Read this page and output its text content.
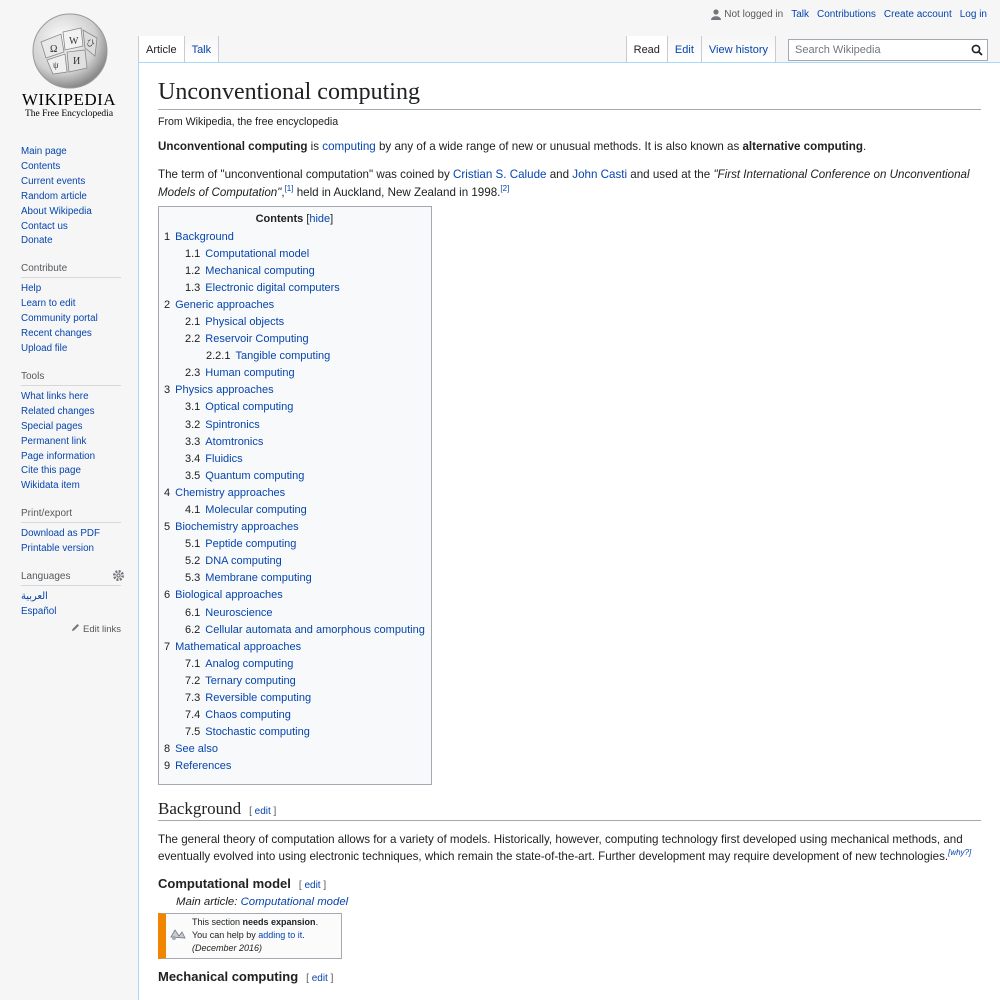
Ω
W ひ
И
ψ
WIKIPEDIA
The Free Encyclopedia
Not logged in Talk Contributions Create account Log in
Article	Talk	Read	Edit	View history	Search Wikipedia
Main page
Contents
Current events
Random article
About Wikipedia
Contact us
Donate
Contribute
Help
Learn to edit
Community portal
Recent changes
Upload file
Tools
What links here
Related changes
Special pages
Permanent link
Page information
Cite this page
Wikidata item
Print/export
Download as PDF
Printable version
Languages
العربية
Español
Edit links
Unconventional computing
From Wikipedia, the free encyclopedia

Unconventional computing is computing by any of a wide range of new or unusual methods. It is also known as alternative computing.

The term of "unconventional computation" was coined by Cristian S. Calude and John Casti and used at the "First International Conference on Unconventional Models of Computation",[1] held in Auckland, New Zealand in 1998.[2]

Contents [hide]
1 Background
1.1 Computational model
1.2 Mechanical computing
1.3 Electronic digital computers
2 Generic approaches
2.1 Physical objects
2.2 Reservoir Computing
2.2.1 Tangible computing
2.3 Human computing
3 Physics approaches
3.1 Optical computing
3.2 Spintronics
3.3 Atomtronics
3.4 Fluidics
3.5 Quantum computing
4 Chemistry approaches
4.1 Molecular computing
5 Biochemistry approaches
5.1 Peptide computing
5.2 DNA computing
5.3 Membrane computing
6 Biological approaches
6.1 Neuroscience
6.2 Cellular automata and amorphous computing
7 Mathematical approaches
7.1 Analog computing
7.2 Ternary computing
7.3 Reversible computing
7.4 Chaos computing
7.5 Stochastic computing
8 See also
9 References
Background [ edit ]

The general theory of computation allows for a variety of models. Historically, however, computing technology first developed using mechanical methods, and eventually evolved into using electronic techniques, which remain the state-of-the-art. Further development may require development of new technologies.[why?]

Computational model [ edit ]
Main article: Computational model
This section needs expansion.
You can help by adding to it. (December 2016)
Mechanical computing [ edit ]
